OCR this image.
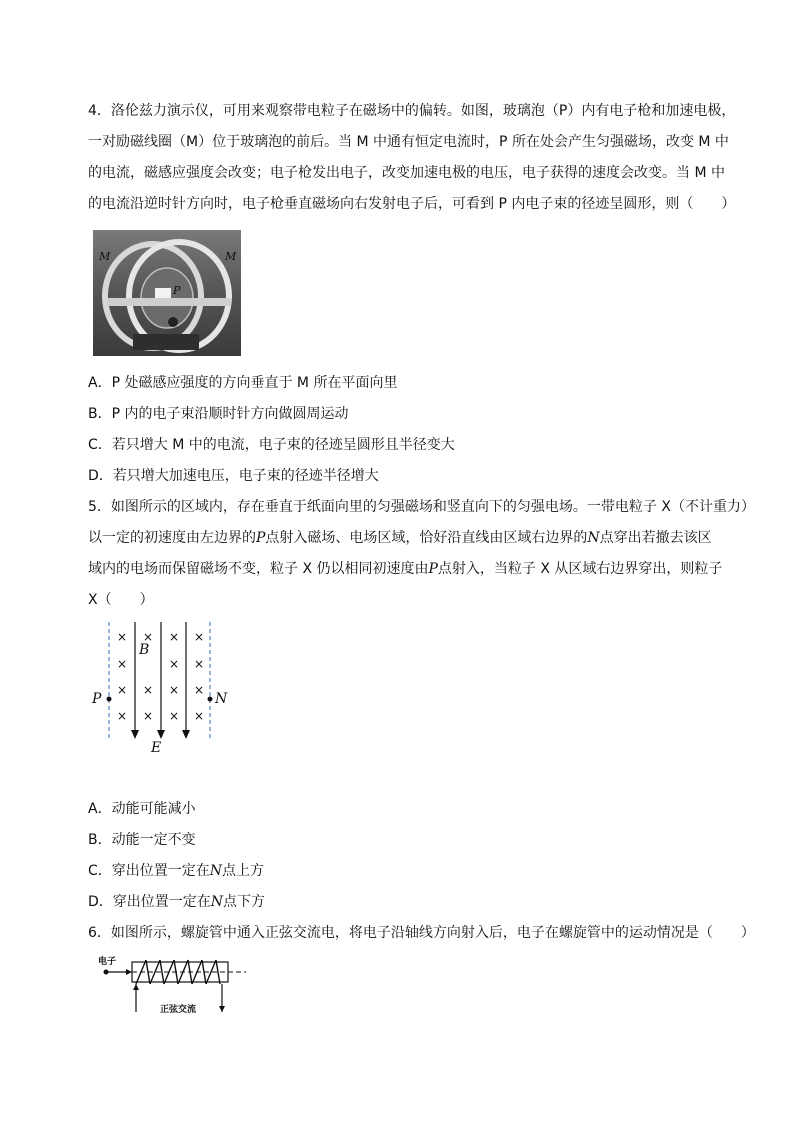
4．洛伦兹力演示仪，可用来观察带电粒子在磁场中的偏转。如图，玻璃泡（P）内有电子枪和加速电极，
一对励磁线圈（M）位于玻璃泡的前后。当 M 中通有恒定电流时，P 所在处会产生匀强磁场，改变 M 中
的电流，磁感应强度会改变；电子枪发出电子，改变加速电极的电压，电子获得的速度会改变。当 M 中
的电流沿逆时针方向时，电子枪垂直磁场向右发射电子后，可看到 P 内电子束的径迹呈圆形，则（　　）
M	M
P
A．P 处磁感应强度的方向垂直于 M 所在平面向里
B．P 内的电子束沿顺时针方向做圆周运动
C．若只增大 M 中的电流，电子束的径迹呈圆形且半径变大
D．若只增大加速电压，电子束的径迹半径增大
5．如图所示的区域内，存在垂直于纸面向里的匀强磁场和竖直向下的匀强电场。一带电粒子 X（不计重力）
以一定的初速度由左边界的P点射入磁场、电场区域，恰好沿直线由区域右边界的N点穿出若撤去该区
域内的电场而保留磁场不变，粒子 X 仍以相同初速度由P点射入，当粒子 X 从区域右边界穿出，则粒子
X（　　）
× × × ×
×	× ×
× × × ×
× × × ×
B
E
P	N
A．动能可能减小
B．动能一定不变
C．穿出位置一定在N点上方
D．穿出位置一定在N点下方
6．如图所示，螺旋管中通入正弦交流电，将电子沿轴线方向射入后，电子在螺旋管中的运动情况是（　　）
电子
正弦交流
